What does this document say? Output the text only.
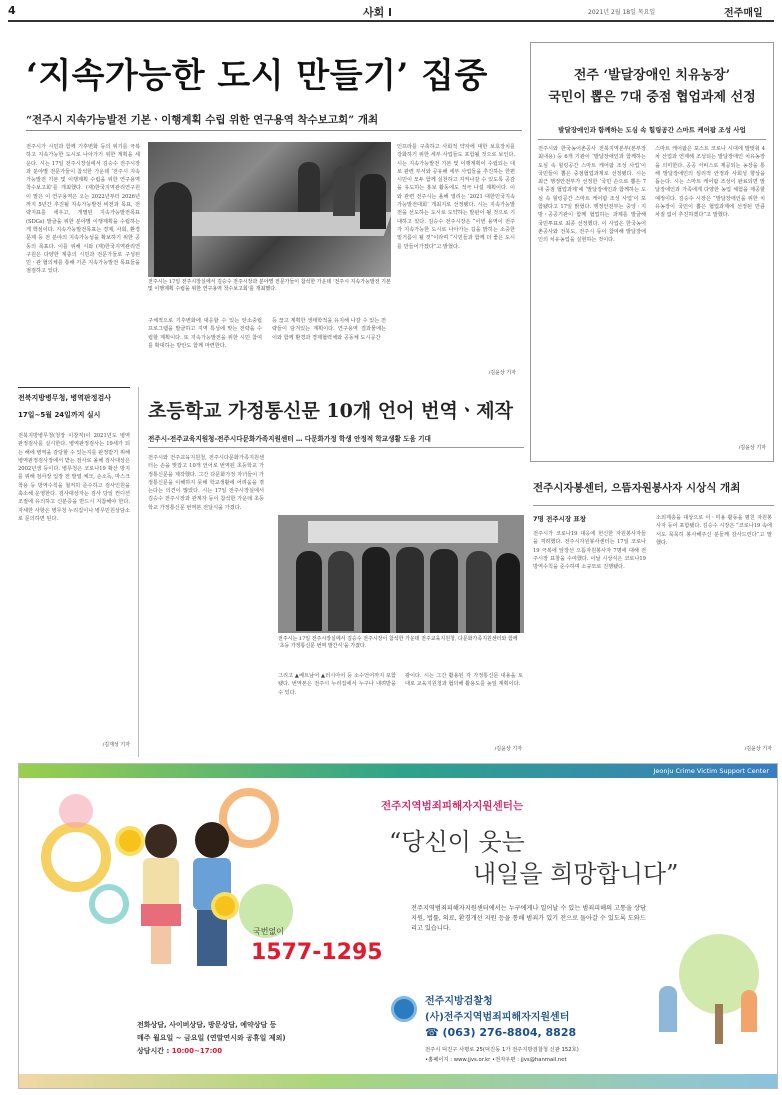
4	사회 l	2021년 2월 18일 목요일	전주매일
‘지속가능한 도시 만들기’ 집중
“전주시 지속가능발전 기본ㆍ이행계획 수립 위한 연구용역 착수보고회” 개최
전주시가 시민과 함께 기후변화 등의 위기를 극복하고 지속가능한 도시로 나아가기 위한 계획을 세운다. 시는 17일 전주시장실에서 김승수 전주시장과 분야별 전문가들이 참석한 가운데 ‘전주시 지속가능발전 기본 및 이행계획 수립을 위한 연구용역 착수보고회’를 개최했다. (재)한국지역관리연구원이 맡은 이 연구용역은 오는 2022년부터 2026년까지 5년간 추진될 지속가능발전 비전과 목표, 전략지표를 세우고, 개별된 지속가능발전목표(SDGs) 발굴을 위한 분야별 이행계획을 수립하는 게 핵심이다. 지속가능발전목표는 경제, 사회, 환경문제 등 전 분야의 지속가능성을 확보하기 위한 공동의 목표다. 이를 위해 시와 (재)한국지역관리연구원은 다양한 계층의 시민과 전문가들로 구성된 민ㆍ관 협의체를 통해 기존 지속가능발전 목표들을 점검하고 있다.
전주시는 17일 전주시장실에서 김승수 전주시장과 분야별 전문가들이 참석한 가운데 ‘전주시 지속가능발전 기본 및 이행계획 수립을 위한 연구용역 착수보고회’를 개최했다.
구체적으로 기후변화에 대응할 수 있는 탄소중립 프로그램을 발굴하고 지역 특성에 맞는 전략을 수립할 계획이다. 또 지속가능발전을 위한 시민 참여를 확대하는 방안도 함께 마련한다.
등 끊고 계획한 생태학적을 유지해 나갈 수 있는 전략들이 담겨있는 계획이다. 연구용역 결과물에는 이와 함께 환경과 경제협력체와 공동체 도시공간
인프라를 구축하고 사회적 약자에 대한 보호장치를 강화하기 위한 세부 사업들도 포함될 것으로 보인다. 시는 지속가능발전 기본 및 이행계획이 수립되는 대로 관련 부서와 공유해 세부 사업들을 추진하는 한편 시민이 모두 함께 실천하고 지켜나갈 수 있도록 공감을 유도하는 홍보 활동에도 적극 나설 계획이다. 이와 관련 전주시는 올해 열리는 ‘2021 대한민국지속가능발전대회’ 개최지로 선정됐다. 시는 지속가능발전을 선도하는 도시로 도약하는 발판이 될 것으로 기대하고 있다. 김승수 전주시장은 “이번 용역이 전주가 지속가능한 도시로 나아가는 길을 밝히는 소중한 밑거름이 될 것”이라며 “시민들과 함께 더 좋은 도시를 만들어가겠다”고 밝혔다.
/김윤상 기자
전주 ‘발달장애인 치유농장’
국민이 뽑은 7대 중점 협업과제 선정
발달장애인과 함께하는 도심 속 힐링공간 스마트 케어팜 조성 사업
전주시와 한국농어촌공사 전북지역본부(본부장 최내용) 등 6개 기관이 ‘발달장애인과 함께하는 도심 속 힐링공간 스마트 케어팜 조성 사업’이 국민들이 뽑은 중점협업과제로 선정됐다. 시는 최근 행정안전부가 선정한 ‘국민 손으로 뽑은 7대 중점 협업과제’에 ‘발달장애인과 함께하는 도심 속 힐링공간 스마트 케어팜 조성 사업’이 포함됐다고 17일 밝혔다. 행정안전부는 중앙ㆍ지방ㆍ공공기관이 함께 협업하는 과제를 발굴해 국민투표로 최종 선정했다. 이 사업은 한국농어촌공사와 전북도, 전주시 등이 참여해 발달장애인의 치유농업을 실현하는 것이다.
스마트 케어팜은 포스트 코로나 시대에 발맞춰 4차 산업과 연계해 조성되는 발달장애인 치유농장을 의미한다. 공공 서비스로 제공되는 농장을 통해 발달장애인의 심리적 안정과 사회성 향상을 돕는다. 시는 스마트 케어팜 조성이 완료되면 발달장애인과 가족에게 다양한 농업 체험을 제공할 예정이다. 김승수 시장은 “발달장애인을 위한 치유농장이 국민이 뽑은 협업과제에 선정된 만큼 차질 없이 추진하겠다”고 말했다.
/김윤상 기자
전북지방병무청, 병역판정검사
17일~5월 24일까지 실시
전북지방병무청(청장 이창직)이 2021년도 병역판정검사를 실시한다. 병역판정검사는 19세가 되는 해에 병역을 감당할 수 있는지를 판정받기 위해 병역판정검사장에서 받는 검사로 올해 검사대상은 2002년생 등이다. 병무청은 코로나19 확산 방지를 위해 검사장 입장 전 발열 체크, 손소독, 마스크 착용 등 방역수칙을 철저히 준수하고 검사인원을 축소해 운영한다. 검사대상자는 검사 당일 컨디션 조절에 유의하고 신분증을 반드시 지참해야 한다. 자세한 사항은 병무청 누리집이나 병무민원상담소로 문의하면 된다.
/김재성 기자
초등학교 가정통신문 10개 언어 번역ㆍ제작
전주시-전주교육지원청-전주시다문화가족지원센터 … 다문화가정 학생 안정적 학교생활 도움 기대
전주시와 전주교육지원청, 전주시다문화가족지원센터는 손을 맞잡고 10개 언어로 번역된 초등학교 가정통신문을 제작했다. 그간 다문화가정 자녀들이 가정통신문을 이해하지 못해 학교생활에 어려움을 겪는다는 의견이 많았다. 시는 17일 전주시장실에서 김승수 전주시장과 관계자 등이 참석한 가운데 초등학교 가정통신문 번역본 전달식을 가졌다.
전주시는 17일 전주시장실에서 김승수 전주시장이 참석한 가운데 전주교육지원청, 다문화가족지원센터와 함께 ‘초등 가정통신문 번역 발간식’을 가졌다.
그리고 ▲베트남어 ▲러시아어 등 소수언어까지 포함됐다. 번역본은 전주시 누리집에서 누구나 내려받을 수 있다.
광이다. 시는 그간 활용된 각 가정통신문 내용을 토대로 교육지원청과 협의해 활용도를 높일 계획이다.
/김윤상 기자
전주시자봉센터, 으뜸자원봉사자 시상식 개최
7명 전주시장 표창
전주시가 코로나19 대응에 헌신한 자원봉사자들을 격려했다. 전주시자원봉사센터는 17일 코로나19 극복에 앞장선 으뜸자원봉사자 7명에 대해 전주시장 표창을 수여했다. 이날 시상식은 코로나19 방역수칙을 준수하며 소규모로 진행됐다.
소외계층을 대상으로 이ㆍ미용 활동을 펼친 자원봉사자 등이 포함됐다. 김승수 시장은 “코로나19 속에서도 묵묵히 봉사해주신 분들께 감사드린다”고 말했다.
/김윤상 기자
Jeonju Crime Victim Support Center
전주지역범죄피해자지원센터는
“당신이 웃는
내일을 희망합니다”
전주지역범죄피해자지원센터에서는 누구에게나 일어날 수 있는 범죄피해의 고통을 상담지원, 법률, 의료, 환경개선 지원 등을 통해 범죄가 있기 전으로 돌아갈 수 있도록 도와드리고 있습니다.
국번없이
1577-1295
전화상담, 사이버상담, 방문상담, 예약상담 등
매주 월요일 ~ 금요일 (연말연시와 공휴일 제외)
상담시간 : 10:00~17:00
전주지방검찰청
(사)전주지역범죄피해자지원센터
☎ (063) 276-8804, 8828
전주시 덕진구 사평로 25(덕진동 1가 전주지방검찰청 신관 152호)
•홈페이지 : www.jjvs.or.kr •전자우편 : jjvs@hanmail.net
